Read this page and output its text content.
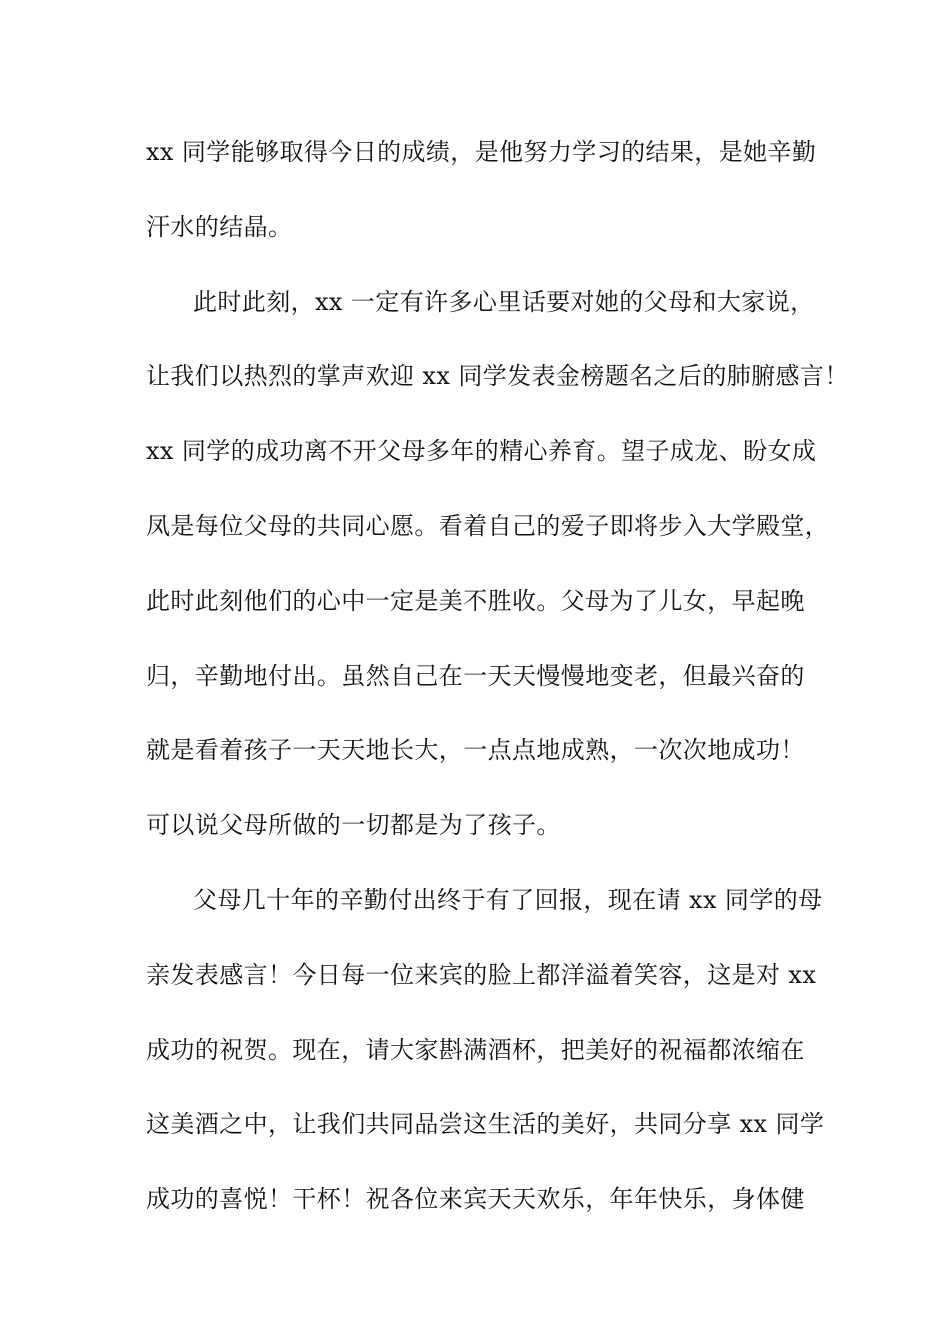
xx 同学能够取得今日的成绩，是他努力学习的结果，是她辛勤
汗水的结晶。
此时此刻，xx 一定有许多心里话要对她的父母和大家说，
让我们以热烈的掌声欢迎 xx 同学发表金榜题名之后的肺腑感言！
xx 同学的成功离不开父母多年的精心养育。望子成龙、盼女成
凤是每位父母的共同心愿。看着自己的爱子即将步入大学殿堂，
此时此刻他们的心中一定是美不胜收。父母为了儿女，早起晚
归，辛勤地付出。虽然自己在一天天慢慢地变老，但最兴奋的
就是看着孩子一天天地长大，一点点地成熟，一次次地成功！
可以说父母所做的一切都是为了孩子。
父母几十年的辛勤付出终于有了回报，现在请 xx 同学的母
亲发表感言！今日每一位来宾的脸上都洋溢着笑容，这是对 xx
成功的祝贺。现在，请大家斟满酒杯，把美好的祝福都浓缩在
这美酒之中，让我们共同品尝这生活的美好，共同分享 xx 同学
成功的喜悦！干杯！祝各位来宾天天欢乐，年年快乐，身体健
